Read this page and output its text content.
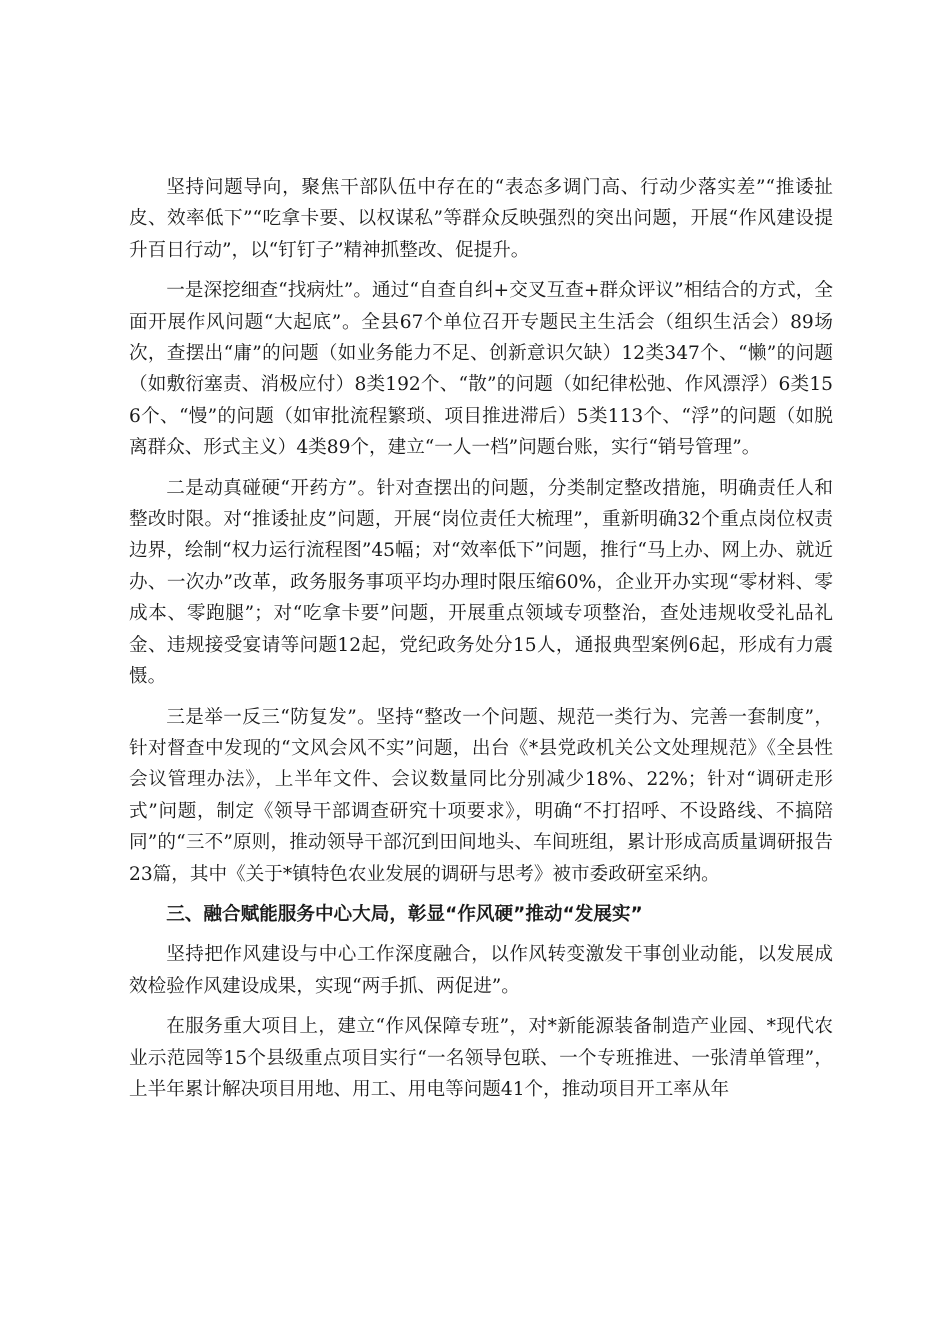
坚持问题导向，聚焦干部队伍中存在的“表态多调门高、行动少落实差”“推诿扯皮、效率低下”“吃拿卡要、以权谋私”等群众反映强烈的突出问题，开展“作风建设提升百日行动”，以“钉钉子”精神抓整改、促提升。

一是深挖细查“找病灶”。通过“自查自纠+交叉互查+群众评议”相结合的方式，全面开展作风问题“大起底”。全县67个单位召开专题民主生活会（组织生活会）89场次，查摆出“庸”的问题（如业务能力不足、创新意识欠缺）12类347个、“懒”的问题（如敷衍塞责、消极应付）8类192个、“散”的问题（如纪律松弛、作风漂浮）6类156个、“慢”的问题（如审批流程繁琐、项目推进滞后）5类113个、“浮”的问题（如脱离群众、形式主义）4类89个，建立“一人一档”问题台账，实行“销号管理”。

二是动真碰硬“开药方”。针对查摆出的问题，分类制定整改措施，明确责任人和整改时限。对“推诿扯皮”问题，开展“岗位责任大梳理”，重新明确32个重点岗位权责边界，绘制“权力运行流程图”45幅；对“效率低下”问题，推行“马上办、网上办、就近办、一次办”改革，政务服务事项平均办理时限压缩60%，企业开办实现“零材料、零成本、零跑腿”；对“吃拿卡要”问题，开展重点领域专项整治，查处违规收受礼品礼金、违规接受宴请等问题12起，党纪政务处分15人，通报典型案例6起，形成有力震慑。

三是举一反三“防复发”。坚持“整改一个问题、规范一类行为、完善一套制度”，针对督查中发现的“文风会风不实”问题，出台《*县党政机关公文处理规范》《全县性会议管理办法》，上半年文件、会议数量同比分别减少18%、22%；针对“调研走形式”问题，制定《领导干部调查研究十项要求》，明确“不打招呼、不设路线、不搞陪同”的“三不”原则，推动领导干部沉到田间地头、车间班组，累计形成高质量调研报告23篇，其中《关于*镇特色农业发展的调研与思考》被市委政研室采纳。

三、融合赋能服务中心大局，彰显“作风硬”推动“发展实”

坚持把作风建设与中心工作深度融合，以作风转变激发干事创业动能，以发展成效检验作风建设成果，实现“两手抓、两促进”。

在服务重大项目上，建立“作风保障专班”，对*新能源装备制造产业园、*现代农业示范园等15个县级重点项目实行“一名领导包联、一个专班推进、一张清单管理”，上半年累计解决项目用地、用工、用电等问题41个，推动项目开工率从年
